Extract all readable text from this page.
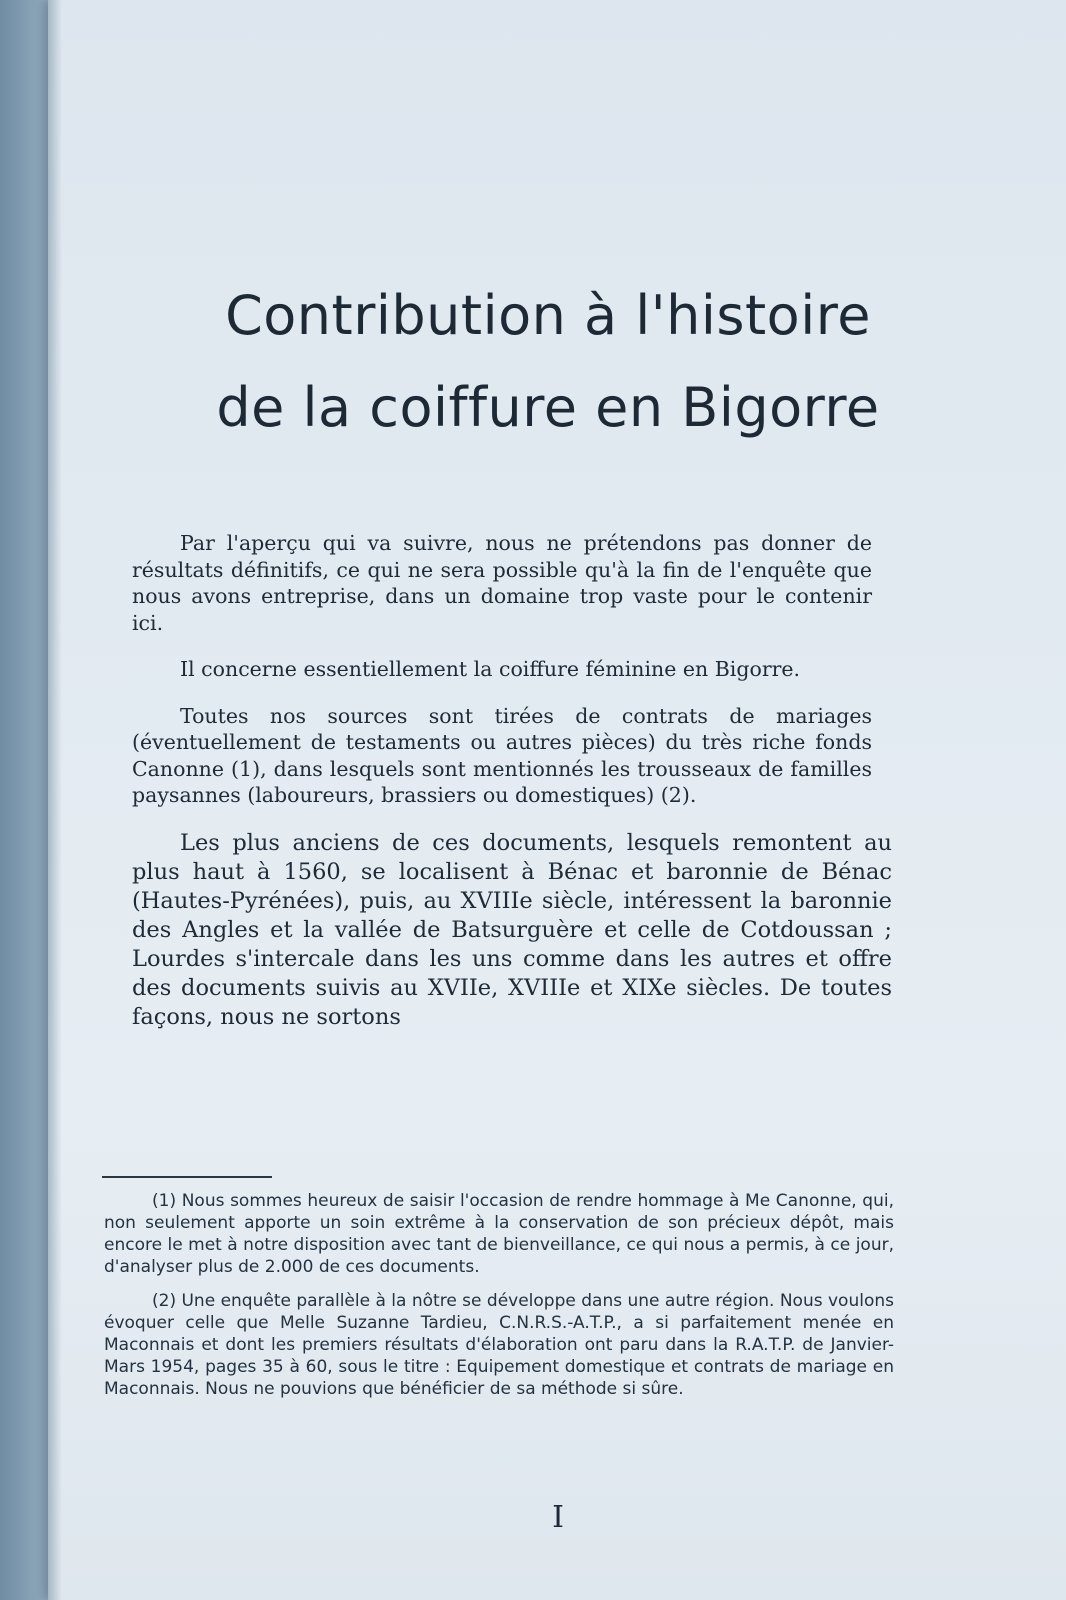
Contribution à l'histoire
de la coiffure en Bigorre

Par l'aperçu qui va suivre, nous ne prétendons pas donner de résultats définitifs, ce qui ne sera possible qu'à la fin de l'enquête que nous avons entreprise, dans un domaine trop vaste pour le contenir ici.

Il concerne essentiellement la coiffure féminine en Bigorre.

Toutes nos sources sont tirées de contrats de mariages (éventuellement de testaments ou autres pièces) du très riche fonds Canonne (1), dans lesquels sont mentionnés les trousseaux de familles paysannes (laboureurs, brassiers ou domestiques) (2).

Les plus anciens de ces documents, lesquels remontent au plus haut à 1560, se localisent à Bénac et baronnie de Bénac (Hautes-Pyrénées), puis, au XVIIIe siècle, intéressent la baronnie des Angles et la vallée de Batsurguère et celle de Cotdoussan ; Lourdes s'intercale dans les uns comme dans les autres et offre des documents suivis au XVIIe, XVIIIe et XIXe siècles. De toutes façons, nous ne sortons

(1) Nous sommes heureux de saisir l'occasion de rendre hommage à Me Canonne, qui, non seulement apporte un soin extrême à la conservation de son précieux dépôt, mais encore le met à notre disposition avec tant de bienveillance, ce qui nous a permis, à ce jour, d'analyser plus de 2.000 de ces documents.

(2) Une enquête parallèle à la nôtre se développe dans une autre région. Nous voulons évoquer celle que Melle Suzanne Tardieu, C.N.R.S.-A.T.P., a si parfaitement menée en Maconnais et dont les premiers résultats d'élaboration ont paru dans la R.A.T.P. de Janvier-Mars 1954, pages 35 à 60, sous le titre : Equipement domestique et contrats de mariage en Maconnais. Nous ne pouvions que bénéficier de sa méthode si sûre.

I
